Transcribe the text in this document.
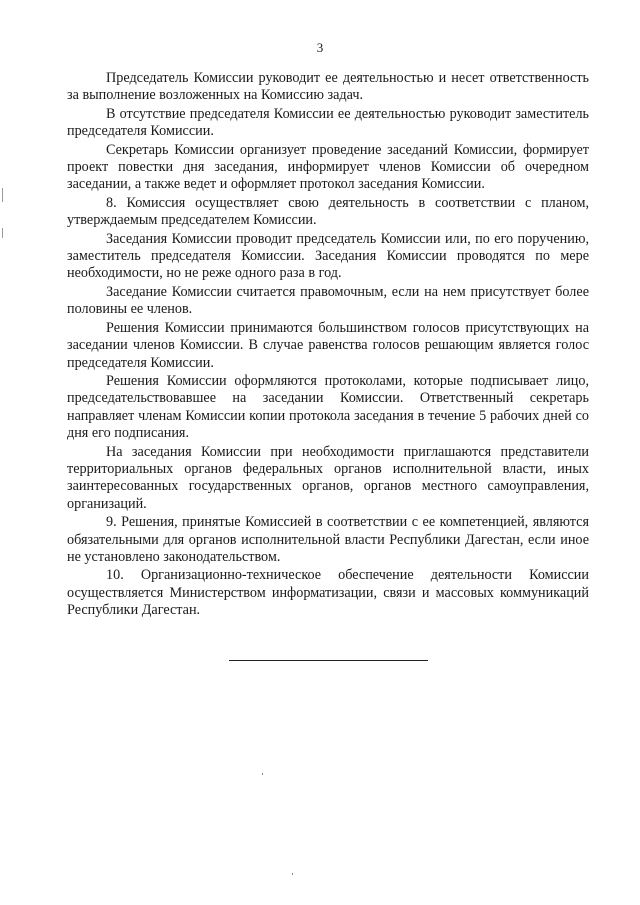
3

Председатель Комиссии руководит ее деятельностью и несет ответственность за выполнение возложенных на Комиссию задач.

В отсутствие председателя Комиссии ее деятельностью руководит заместитель председателя Комиссии.

Секретарь Комиссии организует проведение заседаний Комиссии, формирует проект повестки дня заседания, информирует членов Комиссии об очередном заседании, а также ведет и оформляет протокол заседания Комиссии.

8. Комиссия осуществляет свою деятельность в соответствии с планом, утверждаемым председателем Комиссии.

Заседания Комиссии проводит председатель Комиссии или, по его поручению, заместитель председателя Комиссии. Заседания Комиссии проводятся по мере необходимости, но не реже одного раза в год.

Заседание Комиссии считается правомочным, если на нем присутствует более половины ее членов.

Решения Комиссии принимаются большинством голосов присутствующих на заседании членов Комиссии. В случае равенства голосов решающим является голос председателя Комиссии.

Решения Комиссии оформляются протоколами, которые подписывает лицо, председательствовавшее на заседании Комиссии. Ответственный секретарь направляет членам Комиссии копии протокола заседания в течение 5 рабочих дней со дня его подписания.

На заседания Комиссии при необходимости приглашаются представители территориальных органов федеральных органов исполнительной власти, иных заинтересованных государственных органов, органов местного самоуправления, организаций.

9. Решения, принятые Комиссией в соответствии с ее компетенцией, являются обязательными для органов исполнительной власти Республики Дагестан, если иное не установлено законодательством.

10. Организационно-техническое обеспечение деятельности Комиссии осуществляется Министерством информатизации, связи и массовых коммуникаций Республики Дагестан.
